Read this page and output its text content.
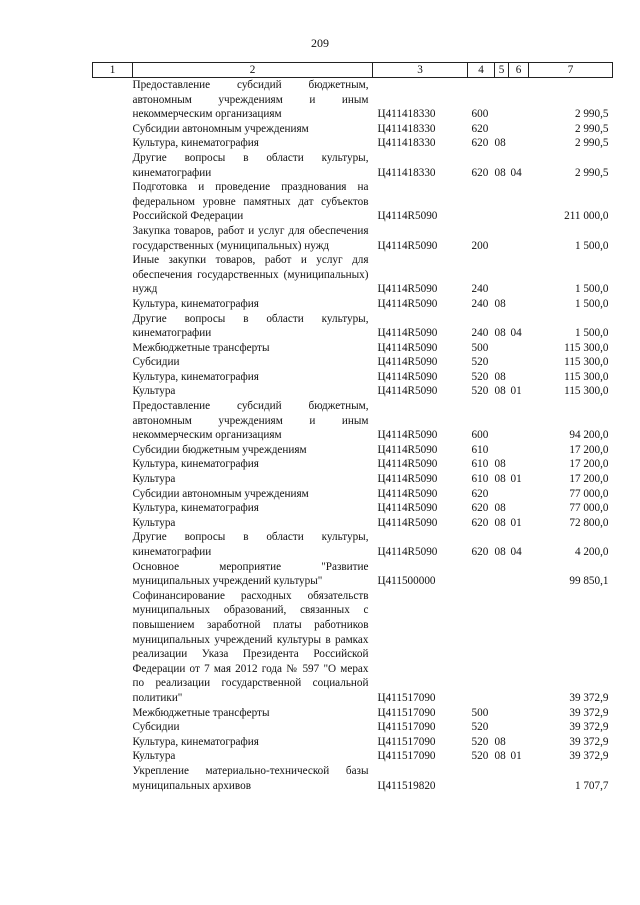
209
1	2	3	4	5	6	7
	Предоставление субсидий бюджетным, автономным учреждениям и иным некоммерческим организациям	Ц411418330	600			2 990,5
	Субсидии автономным учреждениям	Ц411418330	620			2 990,5
	Культура, кинематография	Ц411418330	620	08		2 990,5
	Другие вопросы в области культуры, кинематографии	Ц411418330	620	08	04	2 990,5
	Подготовка и проведение празднования на федеральном уровне памятных дат субъектов Российской Федерации	Ц4114R5090				211 000,0
	Закупка товаров, работ и услуг для обеспечения государственных (муниципальных) нужд	Ц4114R5090	200			1 500,0
	Иные закупки товаров, работ и услуг для обеспечения государственных (муниципальных) нужд	Ц4114R5090	240			1 500,0
	Культура, кинематография	Ц4114R5090	240	08		1 500,0
	Другие вопросы в области культуры, кинематографии	Ц4114R5090	240	08	04	1 500,0
	Межбюджетные трансферты	Ц4114R5090	500			115 300,0
	Субсидии	Ц4114R5090	520			115 300,0
	Культура, кинематография	Ц4114R5090	520	08		115 300,0
	Культура	Ц4114R5090	520	08	01	115 300,0
	Предоставление субсидий бюджетным, автономным учреждениям и иным некоммерческим организациям	Ц4114R5090	600			94 200,0
	Субсидии бюджетным учреждениям	Ц4114R5090	610			17 200,0
	Культура, кинематография	Ц4114R5090	610	08		17 200,0
	Культура	Ц4114R5090	610	08	01	17 200,0
	Субсидии автономным учреждениям	Ц4114R5090	620			77 000,0
	Культура, кинематография	Ц4114R5090	620	08		77 000,0
	Культура	Ц4114R5090	620	08	01	72 800,0
	Другие вопросы в области культуры, кинематографии	Ц4114R5090	620	08	04	4 200,0
	Основное мероприятие "Развитие муниципальных учреждений культуры"	Ц411500000				99 850,1
	Софинансирование расходных обязательств муниципальных образований, связанных с повышением заработной платы работников муниципальных учреждений культуры в рамках реализации Указа Президента Российской Федерации от 7 мая 2012 года № 597 "О мерах по реализации государственной социальной политики"	Ц411517090				39 372,9
	Межбюджетные трансферты	Ц411517090	500			39 372,9
	Субсидии	Ц411517090	520			39 372,9
	Культура, кинематография	Ц411517090	520	08		39 372,9
	Культура	Ц411517090	520	08	01	39 372,9
	Укрепление материально-технической базы муниципальных архивов	Ц411519820				1 707,7
